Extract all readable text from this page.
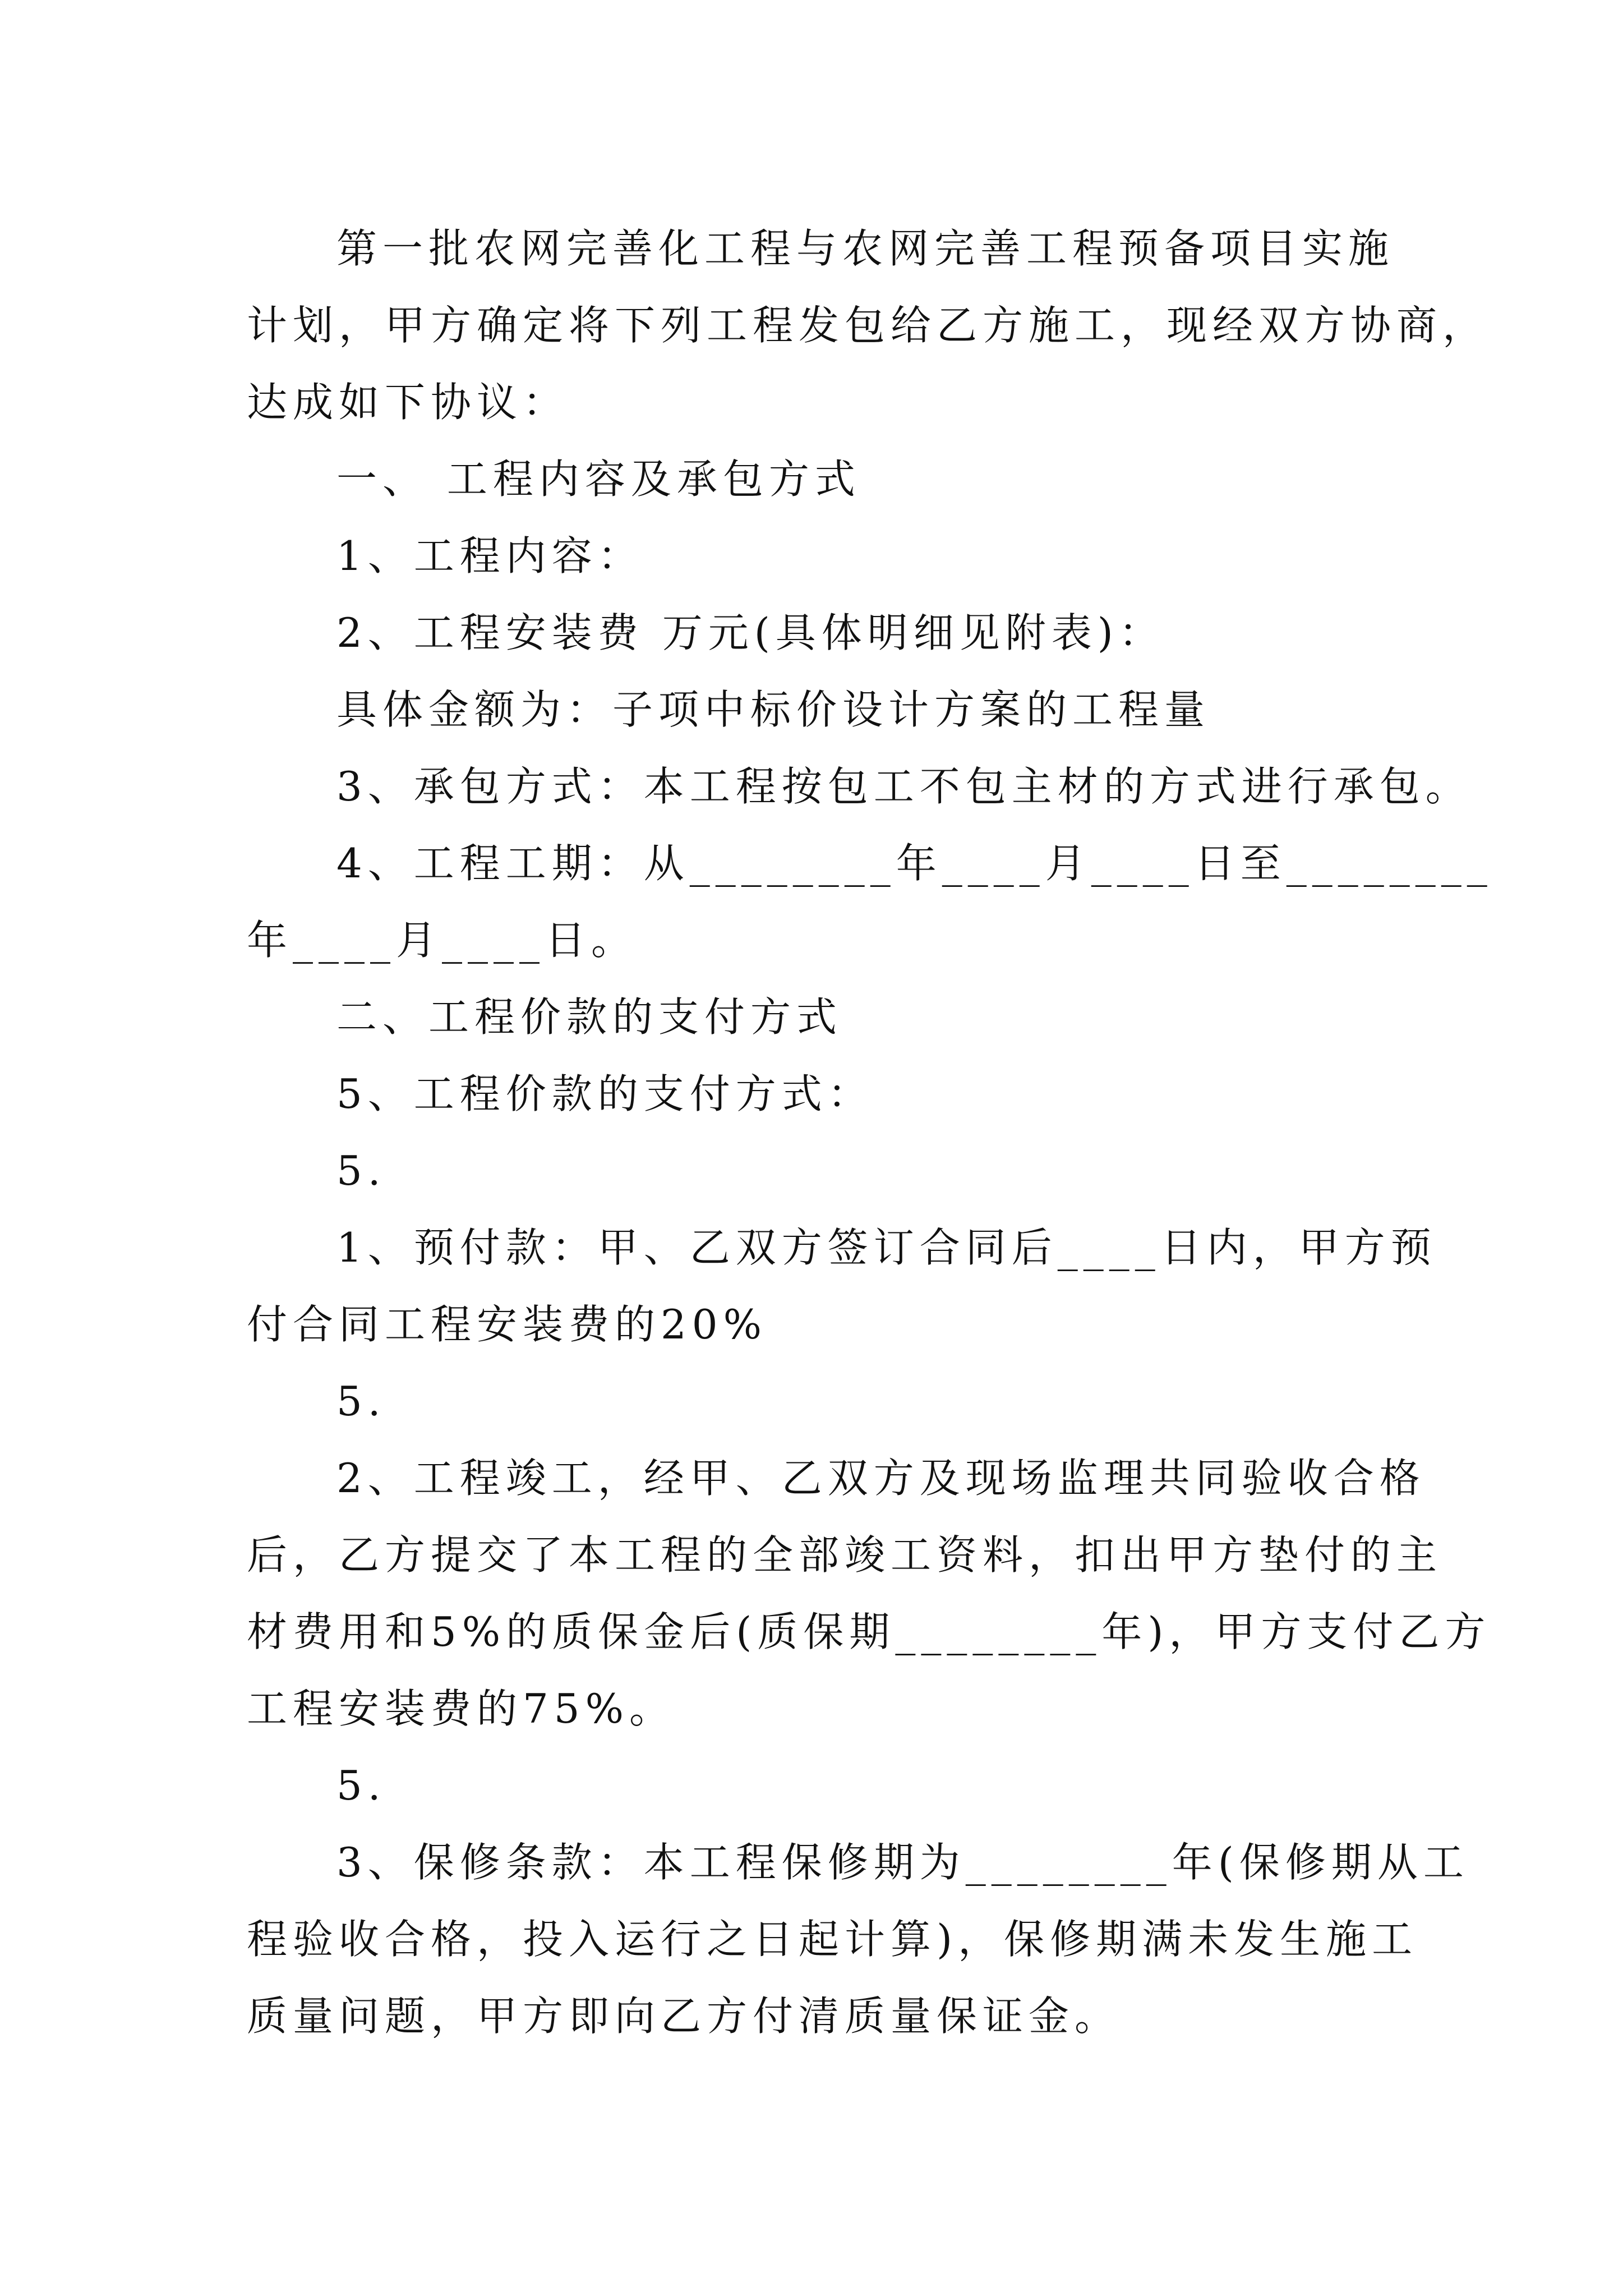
第一批农网完善化工程与农网完善工程预备项目实施
计划，甲方确定将下列工程发包给乙方施工，现经双方协商，
达成如下协议：
一、 工程内容及承包方式
1、工程内容：
2、工程安装费 万元(具体明细见附表)：
具体金额为：子项中标价设计方案的工程量
3、承包方式：本工程按包工不包主材的方式进行承包。
4、工程工期：从________年____月____日至________
年____月____日。
二、工程价款的支付方式
5、工程价款的支付方式：
5.
1、预付款：甲、乙双方签订合同后____日内，甲方预
付合同工程安装费的20%
5.
2、工程竣工，经甲、乙双方及现场监理共同验收合格
后，乙方提交了本工程的全部竣工资料，扣出甲方垫付的主
材费用和5%的质保金后(质保期________年)，甲方支付乙方
工程安装费的75%。
5.
3、保修条款：本工程保修期为________年(保修期从工
程验收合格，投入运行之日起计算)，保修期满未发生施工
质量问题，甲方即向乙方付清质量保证金。
